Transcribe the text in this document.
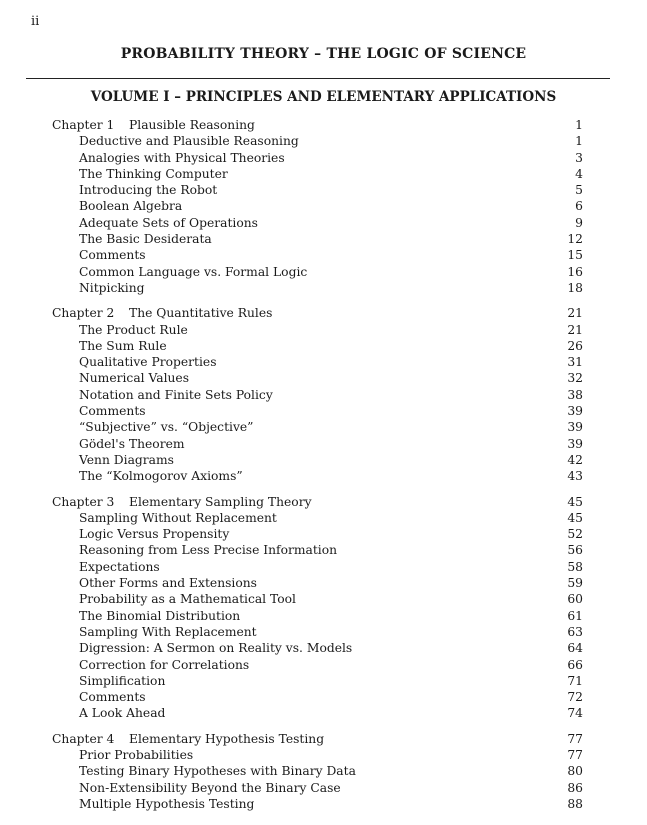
ii
PROBABILITY THEORY – THE LOGIC OF SCIENCE
VOLUME I – PRINCIPLES AND ELEMENTARY APPLICATIONS
Chapter 1 Plausible Reasoning	1
Deductive and Plausible Reasoning	1
Analogies with Physical Theories	3
The Thinking Computer	4
Introducing the Robot	5
Boolean Algebra	6
Adequate Sets of Operations	9
The Basic Desiderata	12
Comments	15
Common Language vs. Formal Logic	16
Nitpicking	18
Chapter 2 The Quantitative Rules	21
The Product Rule	21
The Sum Rule	26
Qualitative Properties	31
Numerical Values	32
Notation and Finite Sets Policy	38
Comments	39
“Subjective” vs. “Objective”	39
Gödel's Theorem	39
Venn Diagrams	42
The “Kolmogorov Axioms”	43
Chapter 3 Elementary Sampling Theory	45
Sampling Without Replacement	45
Logic Versus Propensity	52
Reasoning from Less Precise Information	56
Expectations	58
Other Forms and Extensions	59
Probability as a Mathematical Tool	60
The Binomial Distribution	61
Sampling With Replacement	63
Digression: A Sermon on Reality vs. Models	64
Correction for Correlations	66
Simplification	71
Comments	72
A Look Ahead	74
Chapter 4 Elementary Hypothesis Testing	77
Prior Probabilities	77
Testing Binary Hypotheses with Binary Data	80
Non-Extensibility Beyond the Binary Case	86
Multiple Hypothesis Testing	88
